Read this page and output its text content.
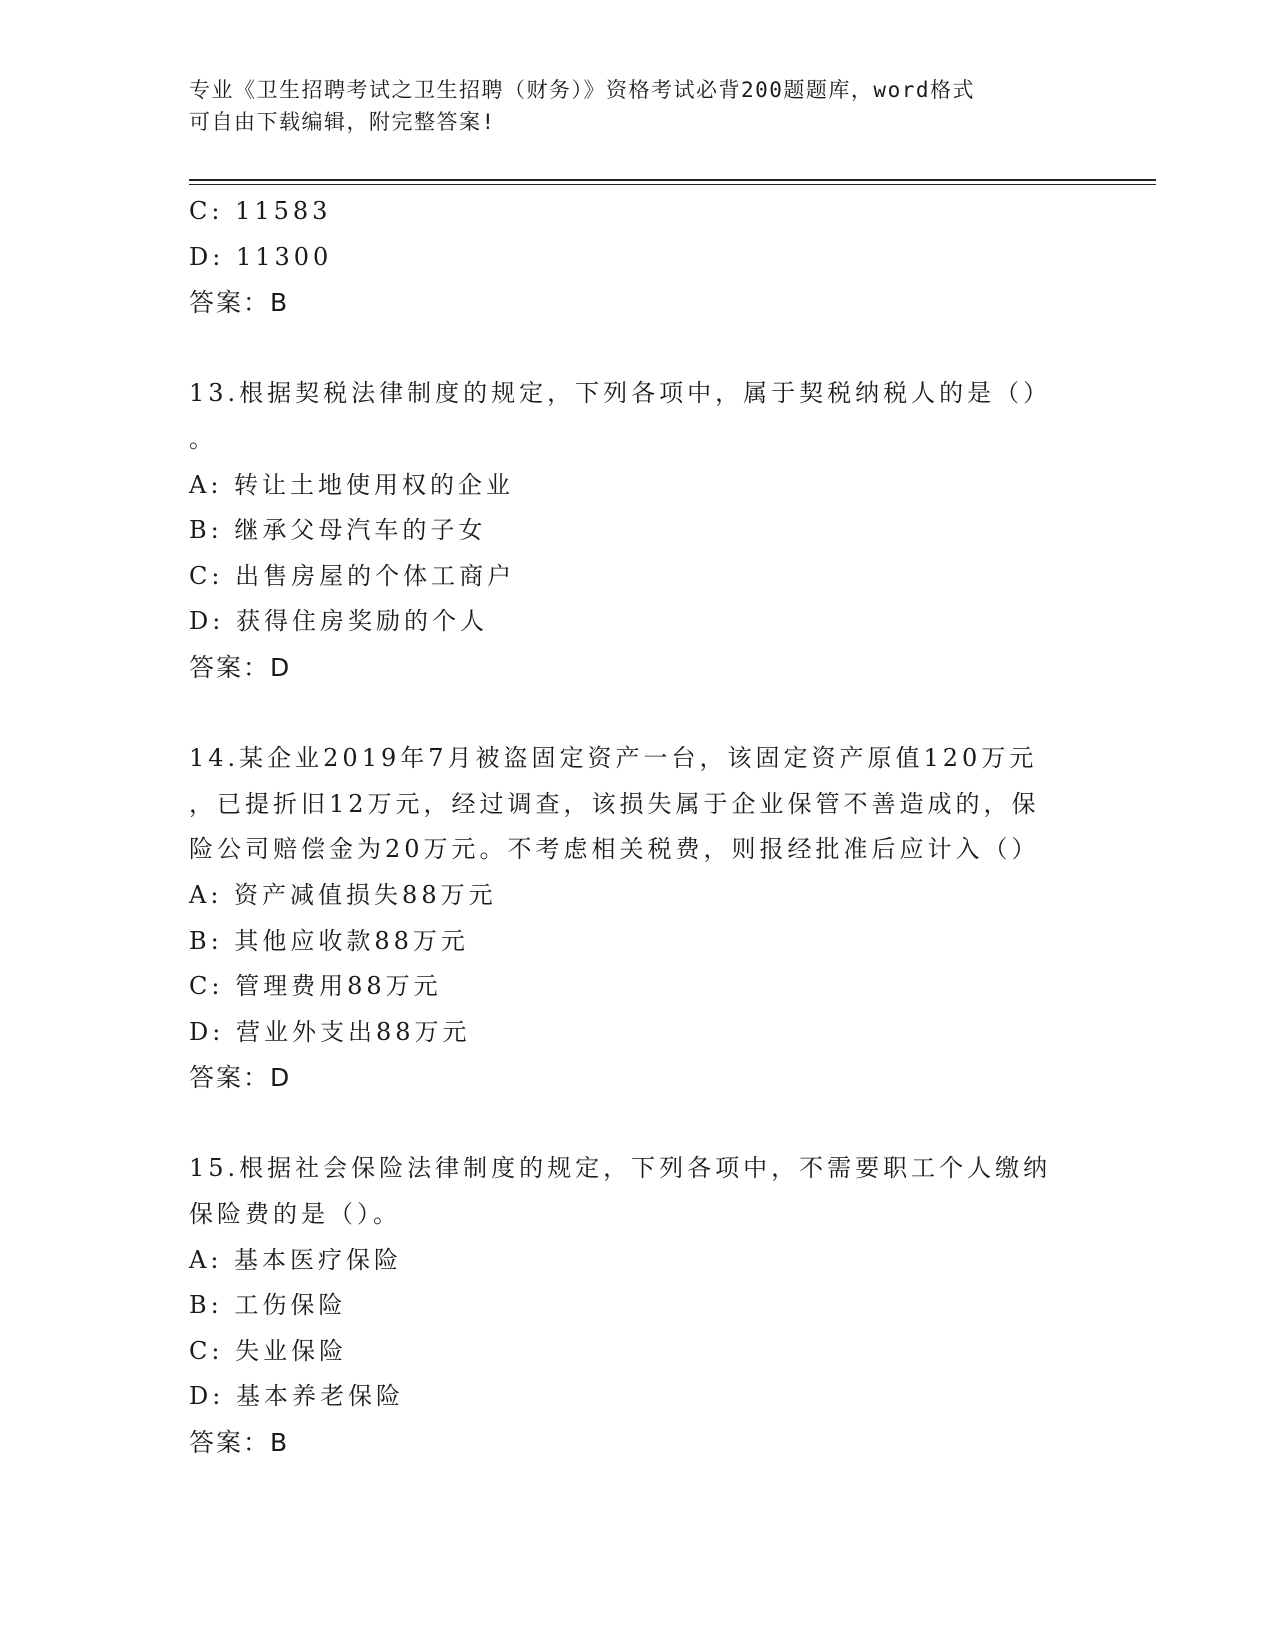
专业《卫生招聘考试之卫生招聘（财务）》资格考试必背200题题库，word格式
可自由下载编辑，附完整答案!
C: 11583
D: 11300
答案：B
13.根据契税法律制度的规定，下列各项中，属于契税纳税人的是（）
。
A: 转让土地使用权的企业
B: 继承父母汽车的子女
C: 出售房屋的个体工商户
D: 获得住房奖励的个人
答案：D
14.某企业2019年7月被盗固定资产一台，该固定资产原值120万元
，已提折旧12万元，经过调查，该损失属于企业保管不善造成的，保
险公司赔偿金为20万元。不考虑相关税费，则报经批准后应计入（）
A: 资产减值损失88万元
B: 其他应收款88万元
C: 管理费用88万元
D: 营业外支出88万元
答案：D
15.根据社会保险法律制度的规定，下列各项中，不需要职工个人缴纳
保险费的是（）。
A: 基本医疗保险
B: 工伤保险
C: 失业保险
D: 基本养老保险
答案：B
